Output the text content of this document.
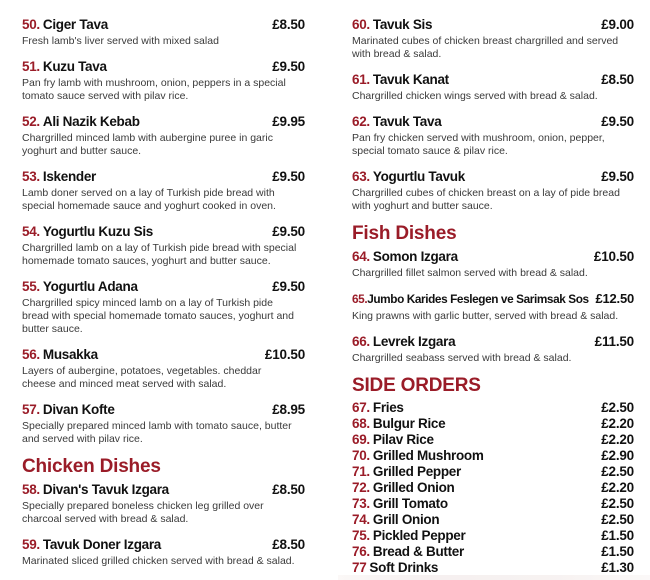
50. Ciger Tava	£8.50
Fresh lamb's liver served with mixed salad
51. Kuzu Tava	£9.50
Pan fry lamb with mushroom, onion, peppers in a special tomato sauce served with pilav rice.
52. Ali Nazik Kebab	£9.95
Chargrilled minced lamb with aubergine puree in garic yoghurt and butter sauce.
53. Iskender	£9.50
Lamb doner served on a lay of Turkish pide bread with special homemade sauce and yoghurt cooked in oven.
54. Yogurtlu Kuzu Sis	£9.50
Chargrilled lamb on a lay of Turkish pide bread with special homemade tomato sauces, yoghurt and butter sauce.
55. Yogurtlu Adana	£9.50
Chargrilled spicy minced lamb on a lay of Turkish pide bread with special homemade tomato sauces, yoghurt and butter sauce.
56. Musakka	£10.50
Layers of aubergine, potatoes, vegetables. cheddar cheese and minced meat served with salad.
57. Divan Kofte	£8.95
Specially prepared minced lamb with tomato sauce, butter and served with pilav rice.
Chicken Dishes
58. Divan's Tavuk Izgara	£8.50
Specially prepared boneless chicken leg grilled over charcoal served with bread & salad.
59. Tavuk Doner Izgara	£8.50
Marinated sliced grilled chicken served with bread & salad.
60. Tavuk Sis	£9.00
Marinated cubes of chicken breast chargrilled and served with bread & salad.
61. Tavuk Kanat	£8.50
Chargrilled chicken wings served with bread & salad.
62. Tavuk Tava	£9.50
Pan fry chicken served with mushroom, onion, pepper, special tomato sauce & pilav rice.
63. Yogurtlu Tavuk	£9.50
Chargrilled cubes of chicken breast on a lay of pide bread with yoghurt and butter sauce.
Fish Dishes
64. Somon Izgara	£10.50
Chargrilled fillet salmon served with bread & salad.
65.Jumbo Karides Feslegen ve Sarimsak Sos £12.50
King prawns with garlic butter, served with bread & salad.
66. Levrek Izgara	£11.50
Chargrilled seabass served with bread & salad.
SIDE ORDERS
67. Fries	£2.50
68. Bulgur Rice	£2.20
69. Pilav Rice	£2.20
70. Grilled Mushroom	£2.90
71. Grilled Pepper	£2.50
72. Grilled Onion	£2.20
73. Grill Tomato	£2.50
74. Grill Onion	£2.50
75. Pickled Pepper	£1.50
76. Bread & Butter	£1.50
77 Soft Drinks	£1.30
